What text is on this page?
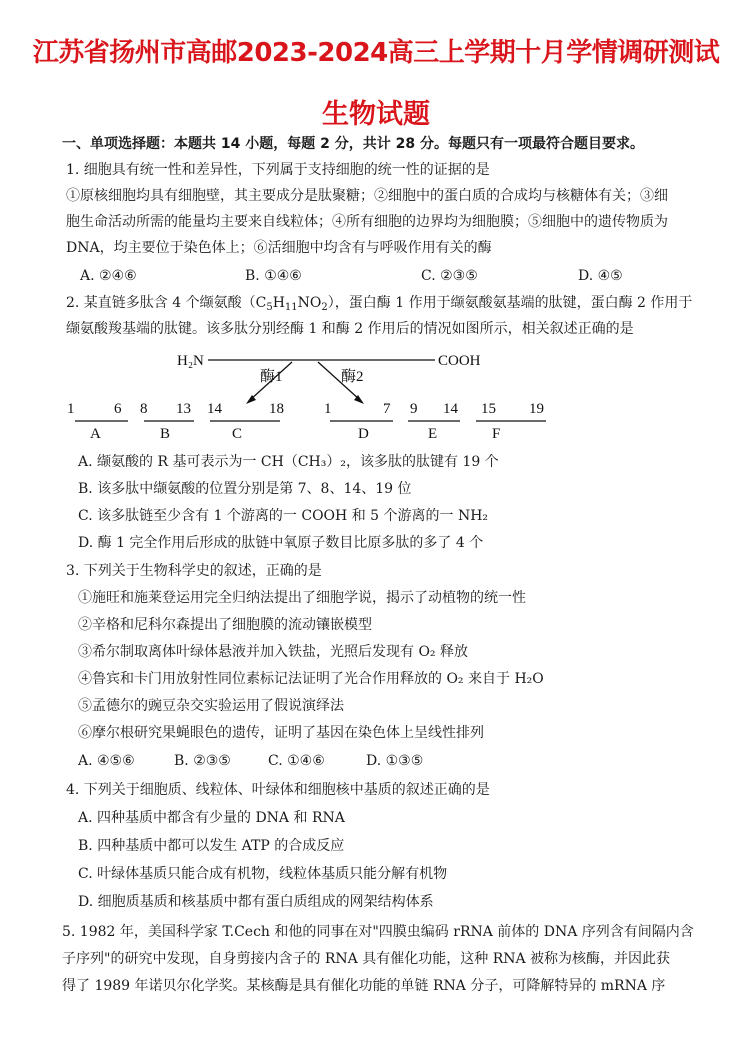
江苏省扬州市高邮2023-2024高三上学期十月学情调研测试
生物试题
一、单项选择题：本题共 14 小题，每题 2 分，共计 28 分。每题只有一项最符合题目要求。
1. 细胞具有统一性和差异性，下列属于支持细胞的统一性的证据的是
①原核细胞均具有细胞壁，其主要成分是肽聚糖；②细胞中的蛋白质的合成均与核糖体有关；③细
胞生命活动所需的能量均主要来自线粒体；④所有细胞的边界均为细胞膜；⑤细胞中的遗传物质为
DNA，均主要位于染色体上；⑥活细胞中均含有与呼吸作用有关的酶
A. ②④⑥	B. ①④⑥	C. ②③⑤	D. ④⑤
2. 某直链多肽含 4 个缬氨酸$(C_5H_{11}NO_2)$，蛋白酶 1 作用于缬氨酸氨基端的肽键，蛋白酶 2 作用于
缬氨酸羧基端的肽键。该多肽分别经酶 1 和酶 2 作用后的情况如图所示，相关叙述正确的是
H₂N	COOH
酶1	酶2
1	6
A
8 13
B
14	18
C
1	7
D
9 14
E
15 19
F
A. 缬氨酸的 R 基可表示为一 CH（CH₃）₂，该多肽的肽键有 19 个
B. 该多肽中缬氨酸的位置分别是第 7、8、14、19 位
C. 该多肽链至少含有 1 个游离的一 COOH 和 5 个游离的一 NH₂
D. 酶 1 完全作用后形成的肽链中氧原子数目比原多肽的多了 4 个
3. 下列关于生物科学史的叙述，正确的是
①施旺和施莱登运用完全归纳法提出了细胞学说，揭示了动植物的统一性
②辛格和尼科尔森提出了细胞膜的流动镶嵌模型
③希尔制取离体叶绿体悬液并加入铁盐，光照后发现有 O₂ 释放
④鲁宾和卡门用放射性同位素标记法证明了光合作用释放的 O₂ 来自于 H₂O
⑤孟德尔的豌豆杂交实验运用了假说演绎法
⑥摩尔根研究果蝇眼色的遗传，证明了基因在染色体上呈线性排列
A. ④⑤⑥	B. ②③⑤	C. ①④⑥	D. ①③⑤
4. 下列关于细胞质、线粒体、叶绿体和细胞核中基质的叙述正确的是
A. 四种基质中都含有少量的 DNA 和 RNA
B. 四种基质中都可以发生 ATP 的合成反应
C. 叶绿体基质只能合成有机物，线粒体基质只能分解有机物
D. 细胞质基质和核基质中都有蛋白质组成的网架结构体系
5. 1982 年，美国科学家 T.Cech 和他的同事在对"四膜虫编码 rRNA 前体的 DNA 序列含有间隔内含
子序列"的研究中发现，自身剪接内含子的 RNA 具有催化功能，这种 RNA 被称为核酶，并因此获
得了 1989 年诺贝尔化学奖。某核酶是具有催化功能的单链 RNA 分子，可降解特异的 mRNA 序
